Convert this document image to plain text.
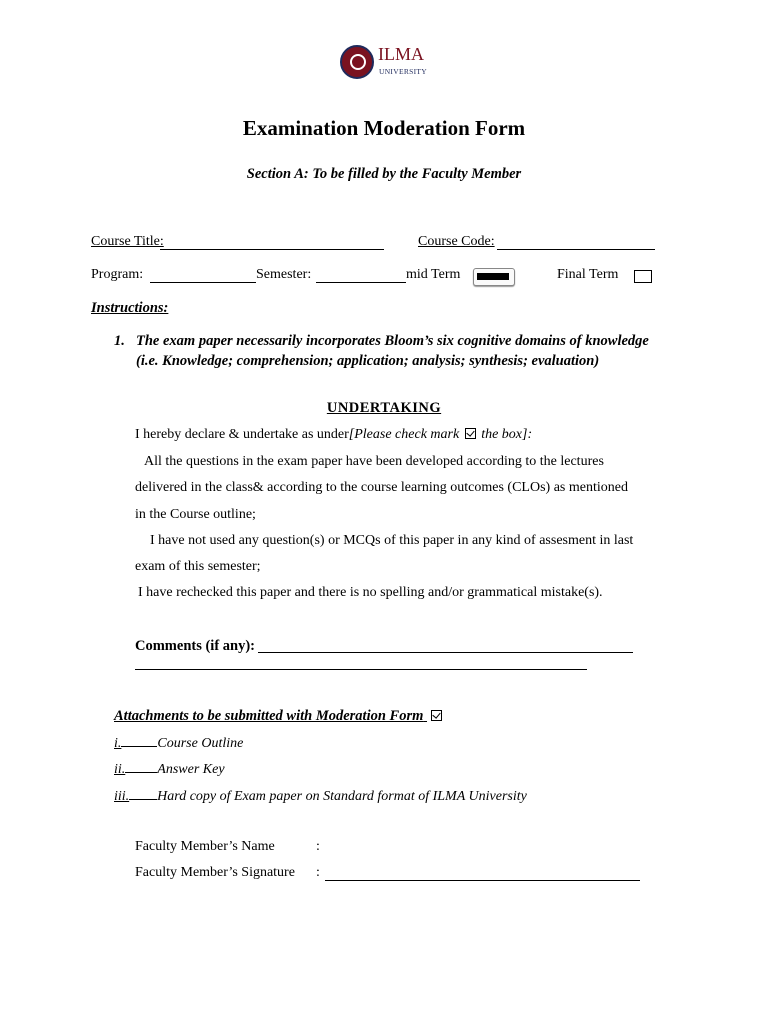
ILMA
UNIVERSITY
Examination Moderation Form
Section A: To be filled by the Faculty Member
Course Title:	Course Code:
Program:	Semester:	mid Term	Final Term
Instructions:
1. The exam paper necessarily incorporates Bloom’s six cognitive domains of knowledge
(i.e. Knowledge; comprehension; application; analysis; synthesis; evaluation)
UNDERTAKING
I hereby declare & undertake as under[Please check mark the box]:
All the questions in the exam paper have been developed according to the lectures
delivered in the class& according to the course learning outcomes (CLOs) as mentioned
in the Course outline;
I have not used any question(s) or MCQs of this paper in any kind of assesment in last
exam of this semester;
I have rechecked this paper and there is no spelling and/or grammatical mistake(s).
Comments (if any):
Attachments to be submitted with Moderation Form
i.	Course Outline
ii. Answer Key
iii. Hard copy of Exam paper on Standard format of ILMA University
Faculty Member’s Name	:
Faculty Member’s Signature :
